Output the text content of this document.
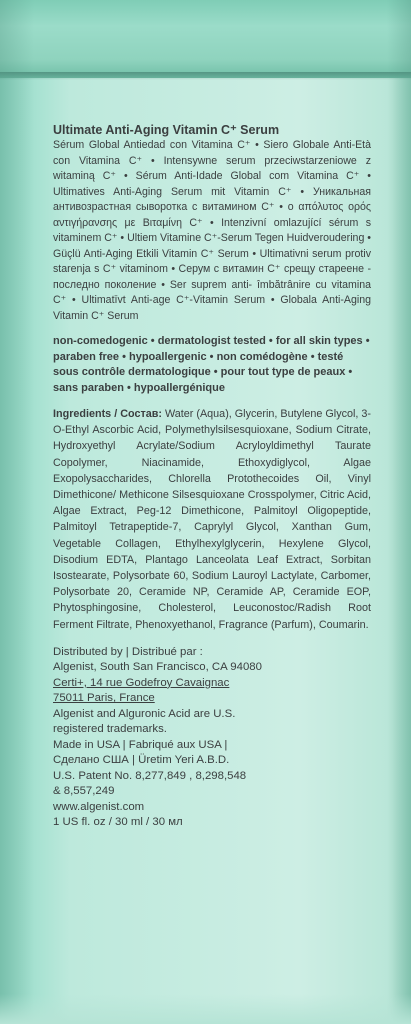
Ultimate Anti-Aging Vitamin C⁺ Serum

Sérum Global Antiedad con Vitamina C⁺ • Siero Globale Anti-Età con Vitamina C⁺ • Intensywne serum przeciwstarzeniowe z witaminą C⁺ • Sérum Anti-Idade Global com Vitamina C⁺ • Ultimatives Anti-Aging Serum mit Vitamin C⁺ • Уникальная антивозрастная сыворотка с витамином C⁺ • ο απόλυτος ορός αντιγήρανσης με Βιταμίνη C⁺ • Intenzivní omlazující sérum s vitaminem C⁺ • Ultiem Vitamine C⁺-Serum Tegen Huidveroudering • Güçlü Anti-Aging Etkili Vitamin C⁺ Serum • Ultimativni serum protiv starenja s C⁺ vitaminom • Серум с витамин C⁺ срещу стареене - последно поколение • Ser suprem anti- îmbătrânire cu vitamina C⁺ • Ultimatīvt Anti-age C⁺-Vitamin Serum • Globala Anti-Aging Vitamin C⁺ Serum

non-comedogenic • dermatologist tested • for all skin types • paraben free • hypoallergenic • non comédogène • testé sous contrôle dermatologique • pour tout type de peaux • sans paraben • hypoallergénique

Ingredients / Состав: Water (Aqua), Glycerin, Butylene Glycol, 3-O-Ethyl Ascorbic Acid, Polymethylsilsesquioxane, Sodium Citrate, Hydroxyethyl Acrylate/Sodium Acryloyldimethyl Taurate Copolymer, Niacinamide, Ethoxydiglycol, Algae Exopolysaccharides, Chlorella Protothecoides Oil, Vinyl Dimethicone/ Methicone Silsesquioxane Crosspolymer, Citric Acid, Algae Extract, Peg-12 Dimethicone, Palmitoyl Oligopeptide, Palmitoyl Tetrapeptide-7, Caprylyl Glycol, Xanthan Gum, Vegetable Collagen, Ethylhexylglycerin, Hexylene Glycol, Disodium EDTA, Plantago Lanceolata Leaf Extract, Sorbitan Isostearate, Polysorbate 60, Sodium Lauroyl Lactylate, Carbomer, Polysorbate 20, Ceramide NP, Ceramide AP, Ceramide EOP, Phytosphingosine, Cholesterol, Leuconostoc/Radish Root Ferment Filtrate, Phenoxyethanol, Fragrance (Parfum), Coumarin.

Distributed by | Distribué par :
Algenist, South San Francisco, CA 94080
Certi+, 14 rue Godefroy Cavaignac
75011 Paris, France
Algenist and Alguronic Acid are U.S.
registered trademarks.
Made in USA | Fabriqué aux USA |
Сделано США | Üretim Yeri A.B.D.
U.S. Patent No. 8,277,849 , 8,298,548
& 8,557,249
www.algenist.com
1 US fl. oz / 30 ml / 30 мл
